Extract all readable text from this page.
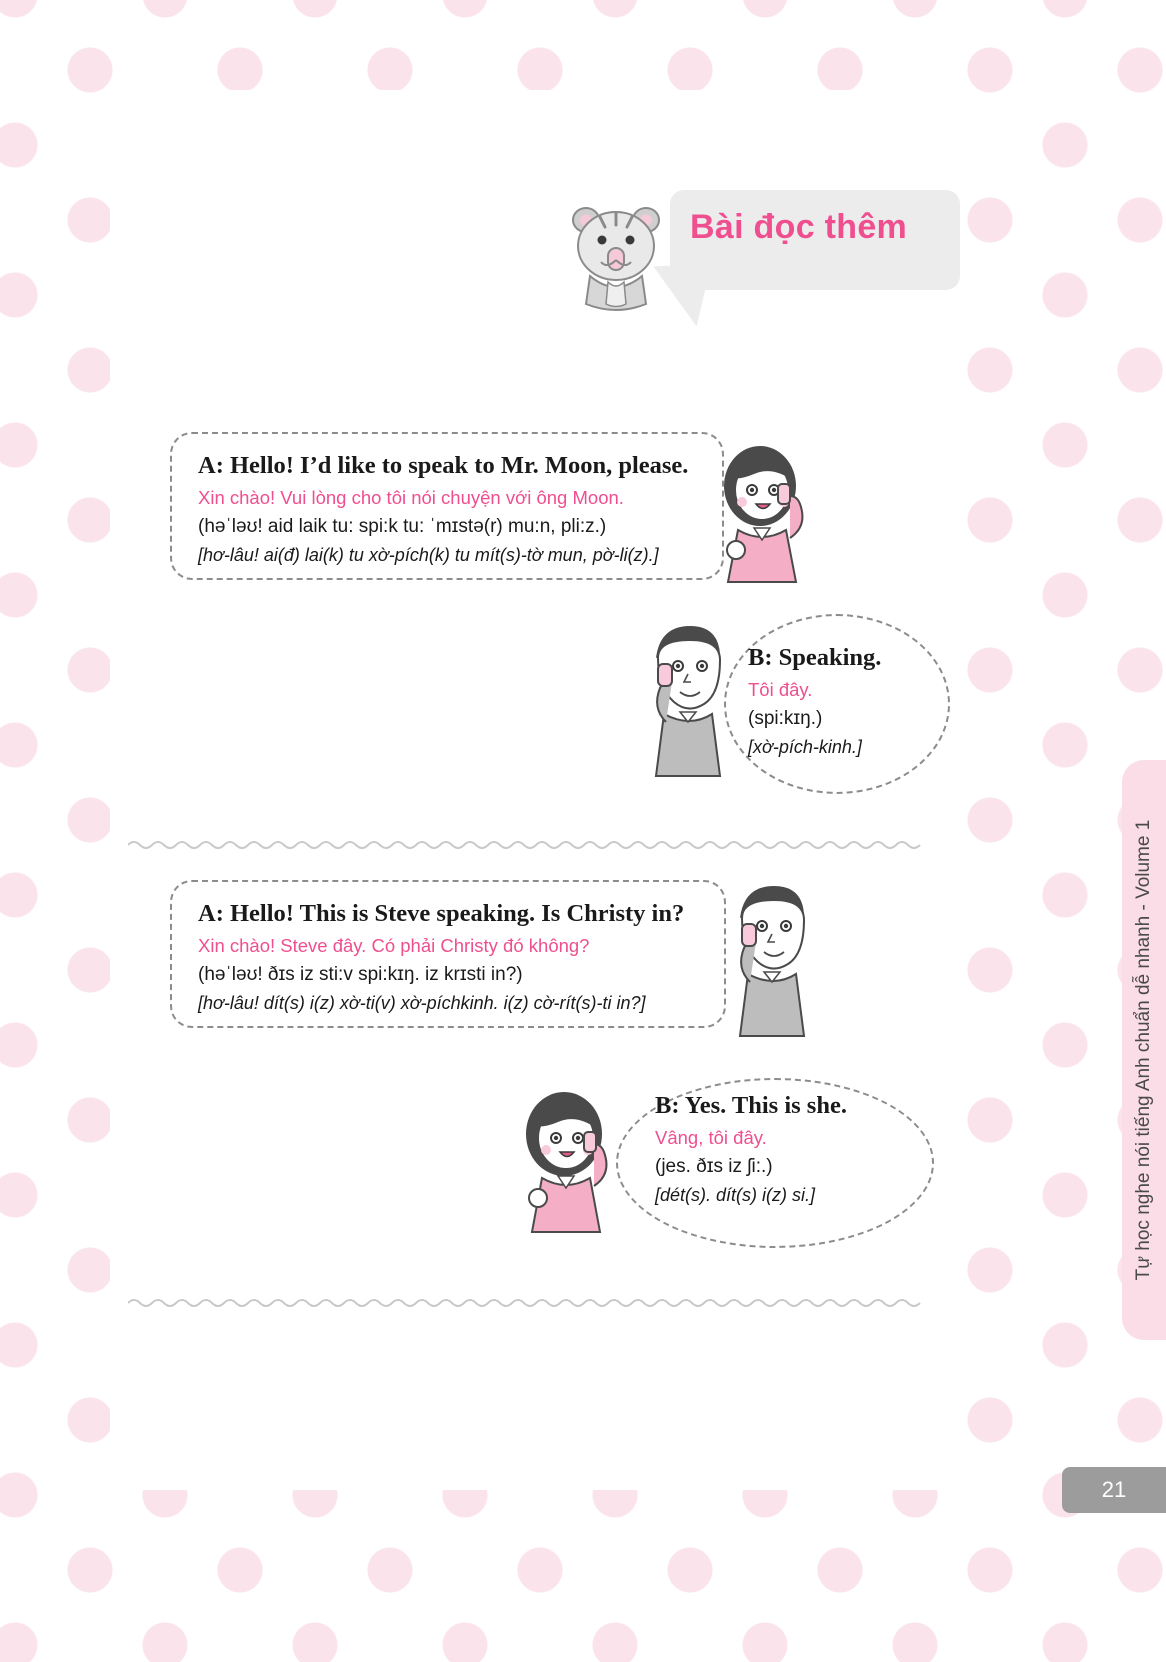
Bài đọc thêm
A: Hello! I’d like to speak to Mr. Moon, please.
Xin chào! Vui lòng cho tôi nói chuyện với ông Moon.
(həˈləʊ! aid laik tu: spi:k tu: ˈmɪstə(r) mu:n, pli:z.)
[hơ-lâu! ai(đ) lai(k) tu xờ-pích(k) tu mít(s)-tờ mun, pờ-li(z).]
B: Speaking.
Tôi đây.
(spi:kɪŋ.)
[xờ-pích-kinh.]
A: Hello! This is Steve speaking. Is Christy in?
Xin chào! Steve đây. Có phải Christy đó không?
(həˈləʊ! ðɪs iz sti:v spi:kɪŋ. iz krɪsti in?)
[hơ-lâu! dít(s) i(z) xờ-ti(v) xờ-píchkinh. i(z) cờ-rít(s)-ti in?]
B: Yes. This is she.
Vâng, tôi đây.
(jes. ðɪs iz ʃi:.)
[dét(s). dít(s) i(z) si.]	Tự học nghe nói tiếng Anh chuẩn dễ nhanh - Volume 1
21
